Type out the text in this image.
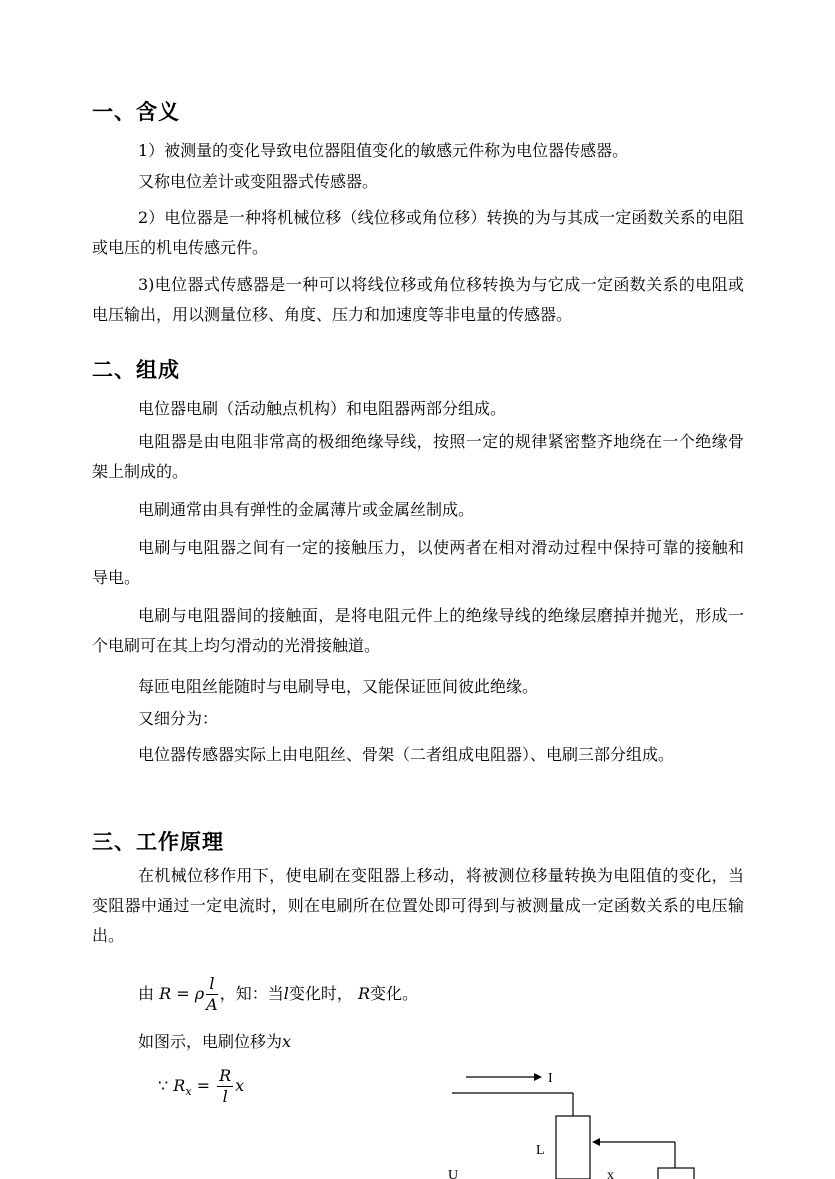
一、含义

1）被测量的变化导致电位器阻值变化的敏感元件称为电位器传感器。

又称电位差计或变阻器式传感器。

2）电位器是一种将机械位移（线位移或角位移）转换的为与其成一定函数关系的电阻或电压的机电传感元件。

3)电位器式传感器是一种可以将线位移或角位移转换为与它成一定函数关系的电阻或电压输出，用以测量位移、角度、压力和加速度等非电量的传感器。

二、组成

电位器电刷（活动触点机构）和电阻器两部分组成。

电阻器是由电阻非常高的极细绝缘导线，按照一定的规律紧密整齐地绕在一个绝缘骨架上制成的。

电刷通常由具有弹性的金属薄片或金属丝制成。

电刷与电阻器之间有一定的接触压力，以使两者在相对滑动过程中保持可靠的接触和导电。

电刷与电阻器间的接触面，是将电阻元件上的绝缘导线的绝缘层磨掉并抛光，形成一个电刷可在其上均匀滑动的光滑接触道。

每匝电阻丝能随时与电刷导电，又能保证匝间彼此绝缘。

又细分为：

电位器传感器实际上由电阻丝、骨架（二者组成电阻器）、电刷三部分组成。

三、工作原理

在机械位移作用下，使电刷在变阻器上移动，将被测位移量转换为电阻值的变化，当变阻器中通过一定电流时，则在电刷所在位置处即可得到与被测量成一定函数关系的电压输出。

由 R = ρ $\frac{l}{A}$ ，知：当l变化时， R变化。
如图示，电刷位移为x
∵ $R_x = \frac{R}{l}$ x	I
L
U	x
